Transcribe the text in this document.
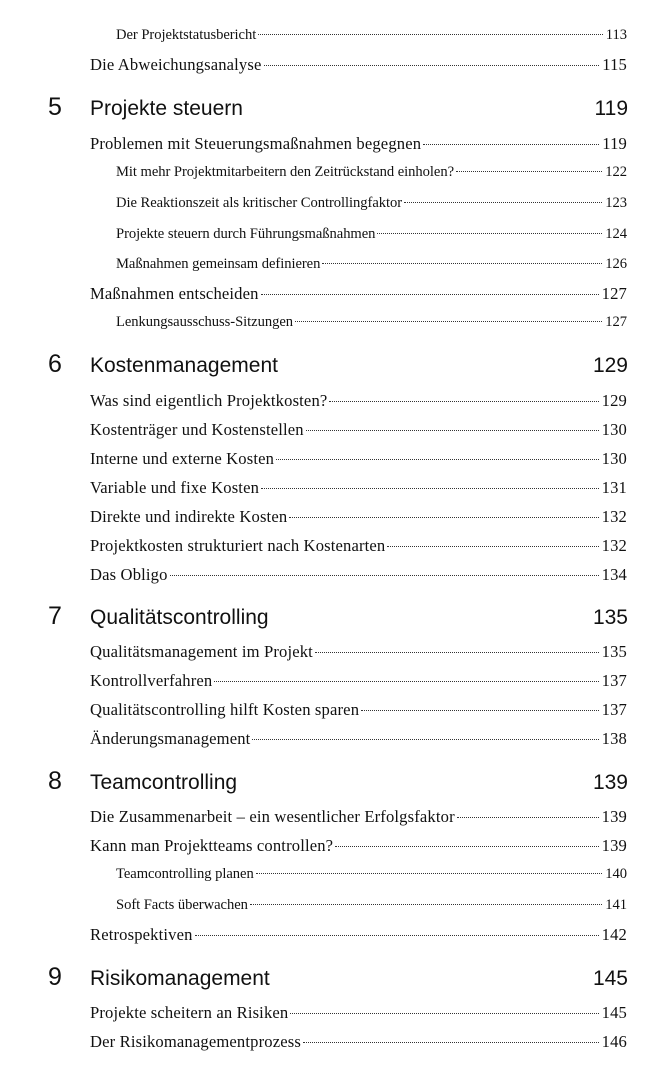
Der Projektstatusbericht	113
Die Abweichungsanalyse	115
5	Projekte steuern	119
Problemen mit Steuerungsmaßnahmen begegnen	119
Mit mehr Projektmitarbeitern den Zeitrückstand einholen?	122
Die Reaktionszeit als kritischer Controllingfaktor	123
Projekte steuern durch Führungsmaßnahmen	124
Maßnahmen gemeinsam definieren	126
Maßnahmen entscheiden	127
Lenkungsausschuss-Sitzungen	127
6	Kostenmanagement	129
Was sind eigentlich Projektkosten?	129
Kostenträger und Kostenstellen	130
Interne und externe Kosten	130
Variable und fixe Kosten	131
Direkte und indirekte Kosten	132
Projektkosten strukturiert nach Kostenarten	132
Das Obligo	134
7	Qualitätscontrolling	135
Qualitätsmanagement im Projekt	135
Kontrollverfahren	137
Qualitätscontrolling hilft Kosten sparen	137
Änderungsmanagement	138
8	Teamcontrolling	139
Die Zusammenarbeit – ein wesentlicher Erfolgsfaktor	139
Kann man Projektteams controllen?	139
Teamcontrolling planen	140
Soft Facts überwachen	141
Retrospektiven	142
9	Risikomanagement	145
Projekte scheitern an Risiken	145
Der Risikomanagementprozess	146
